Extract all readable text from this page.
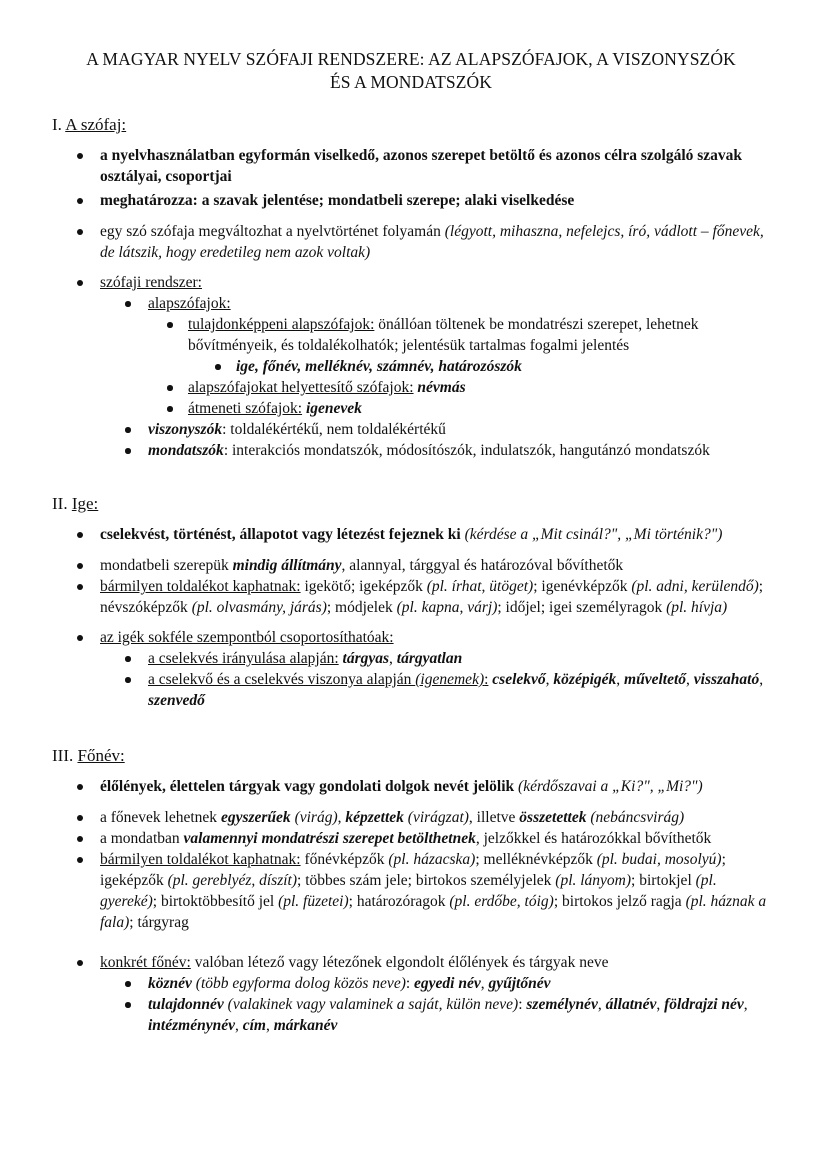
A MAGYAR NYELV SZÓFAJI RENDSZERE: AZ ALAPSZÓFAJOK, A VISZONYSZÓK
ÉS A MONDATSZÓK
I. A szófaj:
a nyelvhasználatban egyformán viselkedő, azonos szerepet betöltő és azonos célra szolgáló szavak osztályai, csoportjai
meghatározza: a szavak jelentése; mondatbeli szerepe; alaki viselkedése
egy szó szófaja megváltozhat a nyelvtörténet folyamán (légyott, mihaszna, nefelejcs, író, vádlott – főnevek, de látszik, hogy eredetileg nem azok voltak)
szófaji rendszer:
alapszófajok:
tulajdonképpeni alapszófajok: önállóan töltenek be mondatrészi szerepet, lehetnek bővítményeik, és toldalékolhatók; jelentésük tartalmas fogalmi jelentés
ige, főnév, melléknév, számnév, határozószók
alapszófajokat helyettesítő szófajok: névmás
átmeneti szófajok: igenevek
viszonyszók: toldalékértékű, nem toldalékértékű
mondatszók: interakciós mondatszók, módosítószók, indulatszók, hangutánzó mondatszók
II. Ige:
cselekvést, történést, állapotot vagy létezést fejeznek ki (kérdése a „Mit csinál?", „Mi történik?")
mondatbeli szerepük mindig állítmány, alannyal, tárggyal és határozóval bővíthetők
bármilyen toldalékot kaphatnak: igekötő; igeképzők (pl. írhat, ütöget); igenévképzők (pl. adni, kerülendő); névszóképzők (pl. olvasmány, járás); módjelek (pl. kapna, várj); időjel; igei személyragok (pl. hívja)
az igék sokféle szempontból csoportosíthatóak:
a cselekvés irányulása alapján: tárgyas, tárgyatlan
a cselekvő és a cselekvés viszonya alapján (igenemek): cselekvő, középigék, műveltető, visszaható, szenvedő
III. Főnév:
élőlények, élettelen tárgyak vagy gondolati dolgok nevét jelölik (kérdőszavai a „Ki?", „Mi?")
a főnevek lehetnek egyszerűek (virág), képzettek (virágzat), illetve összetettek (nebáncsvirág)
a mondatban valamennyi mondatrészi szerepet betölthetnek, jelzőkkel és határozókkal bővíthetők
bármilyen toldalékot kaphatnak: főnévképzők (pl. házacska); melléknévképzők (pl. budai, mosolyú); igeképzők (pl. gereblyéz, díszít); többes szám jele; birtokos személyjelek (pl. lányom); birtokjel (pl. gyereké); birtoktöbbesítő jel (pl. füzetei); határozóragok (pl. erdőbe, tóig); birtokos jelző ragja (pl. háznak a fala); tárgyrag
konkrét főnév: valóban létező vagy létezőnek elgondolt élőlények és tárgyak neve
köznév (több egyforma dolog közös neve): egyedi név, gyűjtőnév
tulajdonnév (valakinek vagy valaminek a saját, külön neve): személynév, állatnév, földrajzi név, intézménynév, cím, márkanév
